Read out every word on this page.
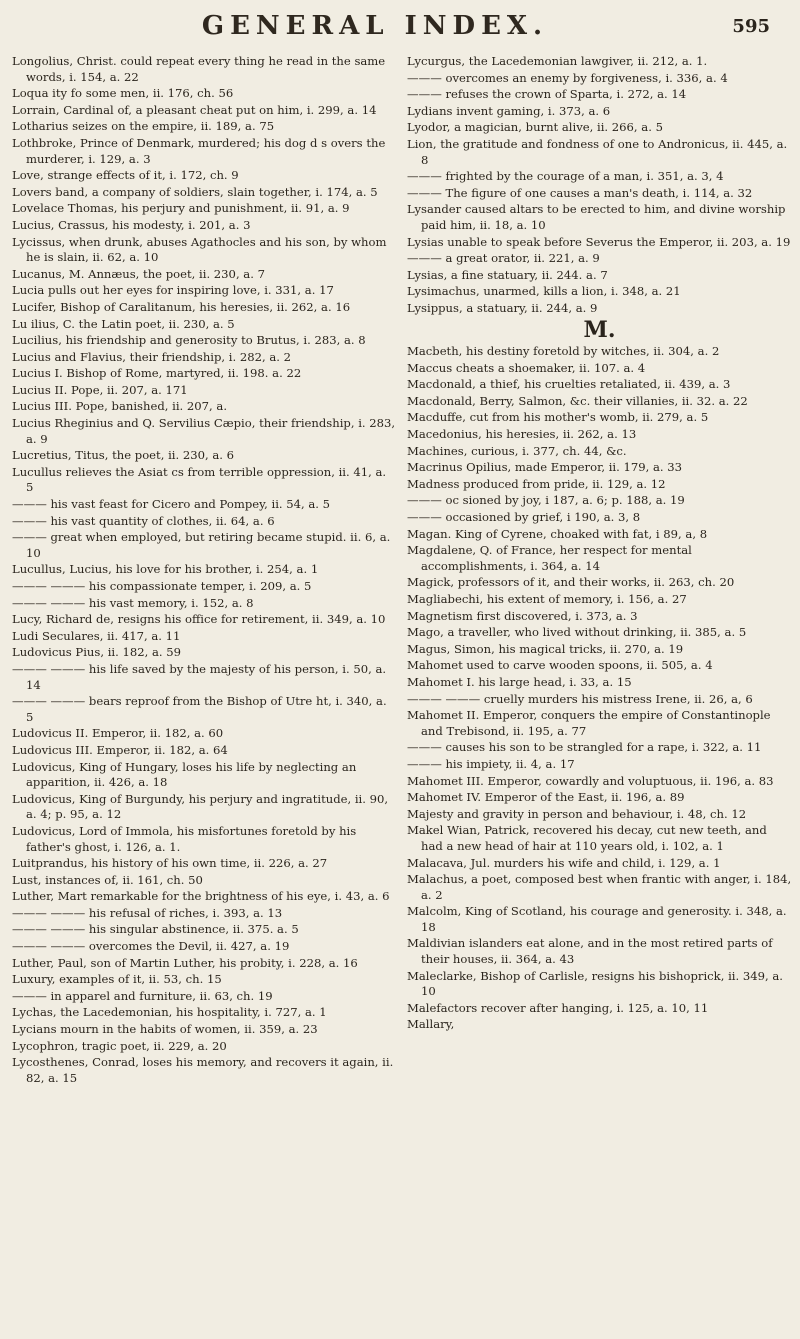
GENERAL INDEX.	595
Longolius, Christ. could repeat every thing he read in the same words, i. 154, a. 22
Loqua ity fo some men, ii. 176, ch. 56
Lorrain, Cardinal of, a pleasant cheat put on him, i. 299, a. 14
Lotharius seizes on the empire, ii. 189, a. 75
Lothbroke, Prince of Denmark, murdered; his dog d s overs the murderer, i. 129, a. 3
Love, strange effects of it, i. 172, ch. 9
Lovers band, a company of soldiers, slain together, i. 174, a. 5
Lovelace Thomas, his perjury and punishment, ii. 91, a. 9
Lucius, Crassus, his modesty, i. 201, a. 3
Lycissus, when drunk, abuses Agathocles and his son, by whom he is slain, ii. 62, a. 10
Lucanus, M. Annæus, the poet, ii. 230, a. 7
Lucia pulls out her eyes for inspiring love, i. 331, a. 17
Lucifer, Bishop of Caralitanum, his heresies, ii. 262, a. 16
Lu ilius, C. the Latin poet, ii. 230, a. 5
Lucilius, his friendship and generosity to Brutus, i. 283, a. 8
Lucius and Flavius, their friendship, i. 282, a. 2
Lucius I. Bishop of Rome, martyred, ii. 198. a. 22
Lucius II. Pope, ii. 207, a. 171
Lucius III. Pope, banished, ii. 207, a.
Lucius Rheginius and Q. Servilius Cæpio, their friendship, i. 283, a. 9
Lucretius, Titus, the poet, ii. 230, a. 6
Lucullus relieves the Asiat cs from terrible oppression, ii. 41, a. 5
——— his vast feast for Cicero and Pompey, ii. 54, a. 5
——— his vast quantity of clothes, ii. 64, a. 6
——— great when employed, but retiring became stupid. ii. 6, a. 10
Lucullus, Lucius, his love for his brother, i. 254, a. 1
——— ——— his compassionate temper, i. 209, a. 5
——— ——— his vast memory, i. 152, a. 8
Lucy, Richard de, resigns his office for retirement, ii. 349, a. 10
Ludi Seculares, ii. 417, a. 11
Ludovicus Pius, ii. 182, a. 59
——— ——— his life saved by the majesty of his person, i. 50, a. 14
——— ——— bears reproof from the Bishop of Utre ht, i. 340, a. 5
Ludovicus II. Emperor, ii. 182, a. 60
Ludovicus III. Emperor, ii. 182, a. 64
Ludovicus, King of Hungary, loses his life by neglecting an apparition, ii. 426, a. 18
Ludovicus, King of Burgundy, his perjury and ingratitude, ii. 90, a. 4; p. 95, a. 12
Ludovicus, Lord of Immola, his misfortunes foretold by his father's ghost, i. 126, a. 1.
Luitprandus, his history of his own time, ii. 226, a. 27
Lust, instances of, ii. 161, ch. 50
Luther, Mart remarkable for the brightness of his eye, i. 43, a. 6
——— ——— his refusal of riches, i. 393, a. 13
——— ——— his singular abstinence, ii. 375. a. 5
——— ——— overcomes the Devil, ii. 427, a. 19
Luther, Paul, son of Martin Luther, his probity, i. 228, a. 16
Luxury, examples of it, ii. 53, ch. 15
——— in apparel and furniture, ii. 63, ch. 19
Lychas, the Lacedemonian, his hospitality, i. 727, a. 1
Lycians mourn in the habits of women, ii. 359, a. 23
Lycophron, tragic poet, ii. 229, a. 20
Lycosthenes, Conrad, loses his memory, and recovers it again, ii. 82, a. 15
Lycurgus, the Lacedemonian lawgiver, ii. 212, a. 1.
——— overcomes an enemy by forgiveness, i. 336, a. 4
——— refuses the crown of Sparta, i. 272, a. 14
Lydians invent gaming, i. 373, a. 6
Lyodor, a magician, burnt alive, ii. 266, a. 5
Lion, the gratitude and fondness of one to Andronicus, ii. 445, a. 8
——— frighted by the courage of a man, i. 351, a. 3, 4
——— The figure of one causes a man's death, i. 114, a. 32
Lysander caused altars to be erected to him, and divine worship paid him, ii. 18, a. 10
Lysias unable to speak before Severus the Emperor, ii. 203, a. 19
——— a great orator, ii. 221, a. 9
Lysias, a fine statuary, ii. 244. a. 7
Lysimachus, unarmed, kills a lion, i. 348, a. 21
Lysippus, a statuary, ii. 244, a. 9
M.
Macbeth, his destiny foretold by witches, ii. 304, a. 2
Maccus cheats a shoemaker, ii. 107. a. 4
Macdonald, a thief, his cruelties retaliated, ii. 439, a. 3
Macdonald, Berry, Salmon, &c. their villanies, ii. 32. a. 22
Macduffe, cut from his mother's womb, ii. 279, a. 5
Macedonius, his heresies, ii. 262, a. 13
Machines, curious, i. 377, ch. 44, &c.
Macrinus Opilius, made Emperor, ii. 179, a. 33
Madness produced from pride, ii. 129, a. 12
——— oc sioned by joy, i 187, a. 6; p. 188, a. 19
——— occasioned by grief, i 190, a. 3, 8
Magan. King of Cyrene, choaked with fat, i 89, a, 8
Magdalene, Q. of France, her respect for mental accomplishments, i. 364, a. 14
Magick, professors of it, and their works, ii. 263, ch. 20
Magliabechi, his extent of memory, i. 156, a. 27
Magnetism first discovered, i. 373, a. 3
Mago, a traveller, who lived without drinking, ii. 385, a. 5
Magus, Simon, his magical tricks, ii. 270, a. 19
Mahomet used to carve wooden spoons, ii. 505, a. 4
Mahomet I. his large head, i. 33, a. 15
——— ——— cruelly murders his mistress Irene, ii. 26, a, 6
Mahomet II. Emperor, conquers the empire of Constantinople and Trebisond, ii. 195, a. 77
——— causes his son to be strangled for a rape, i. 322, a. 11
——— his impiety, ii. 4, a. 17
Mahomet III. Emperor, cowardly and voluptuous, ii. 196, a. 83
Mahomet IV. Emperor of the East, ii. 196, a. 89
Majesty and gravity in person and behaviour, i. 48, ch. 12
Makel Wian, Patrick, recovered his decay, cut new teeth, and had a new head of hair at 110 years old, i. 102, a. 1
Malacava, Jul. murders his wife and child, i. 129, a. 1
Malachus, a poet, composed best when frantic with anger, i. 184, a. 2
Malcolm, King of Scotland, his courage and generosity. i. 348, a. 18
Maldivian islanders eat alone, and in the most retired parts of their houses, ii. 364, a. 43
Maleclarke, Bishop of Carlisle, resigns his bishoprick, ii. 349, a. 10
Malefactors recover after hanging, i. 125, a. 10, 11
Mallary,
